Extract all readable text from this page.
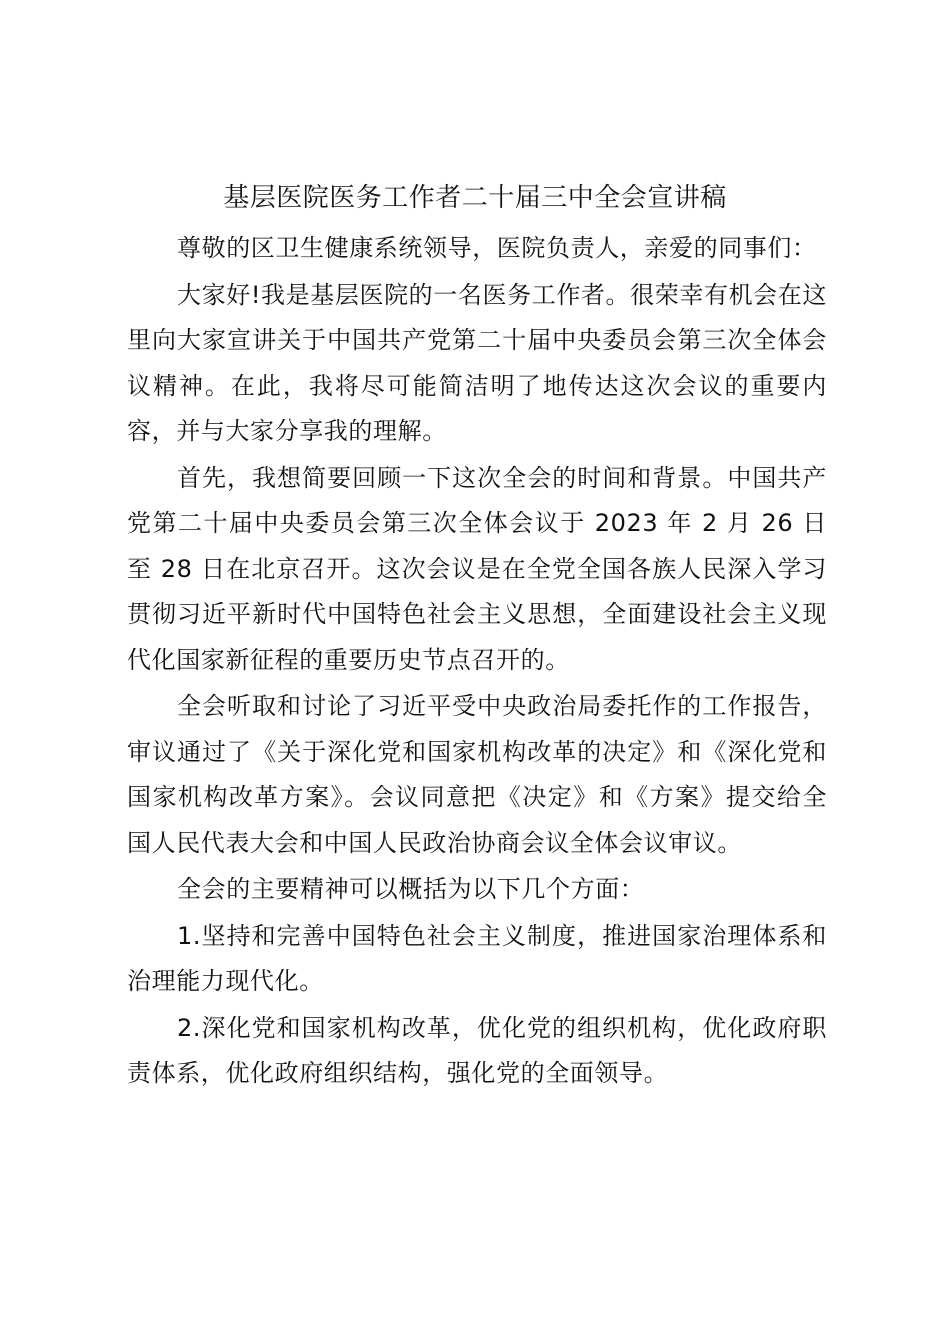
基层医院医务工作者二十届三中全会宣讲稿

尊敬的区卫生健康系统领导，医院负责人，亲爱的同事们：

大家好!我是基层医院的一名医务工作者。很荣幸有机会在这里向大家宣讲关于中国共产党第二十届中央委员会第三次全体会议精神。在此，我将尽可能简洁明了地传达这次会议的重要内容，并与大家分享我的理解。

首先，我想简要回顾一下这次全会的时间和背景。中国共产党第二十届中央委员会第三次全体会议于 2023 年 2 月 26 日至 28 日在北京召开。这次会议是在全党全国各族人民深入学习贯彻习近平新时代中国特色社会主义思想，全面建设社会主义现代化国家新征程的重要历史节点召开的。

全会听取和讨论了习近平受中央政治局委托作的工作报告，审议通过了《关于深化党和国家机构改革的决定》和《深化党和国家机构改革方案》。会议同意把《决定》和《方案》提交给全国人民代表大会和中国人民政治协商会议全体会议审议。

全会的主要精神可以概括为以下几个方面：

1.坚持和完善中国特色社会主义制度，推进国家治理体系和治理能力现代化。

2.深化党和国家机构改革，优化党的组织机构，优化政府职责体系，优化政府组织结构，强化党的全面领导。
